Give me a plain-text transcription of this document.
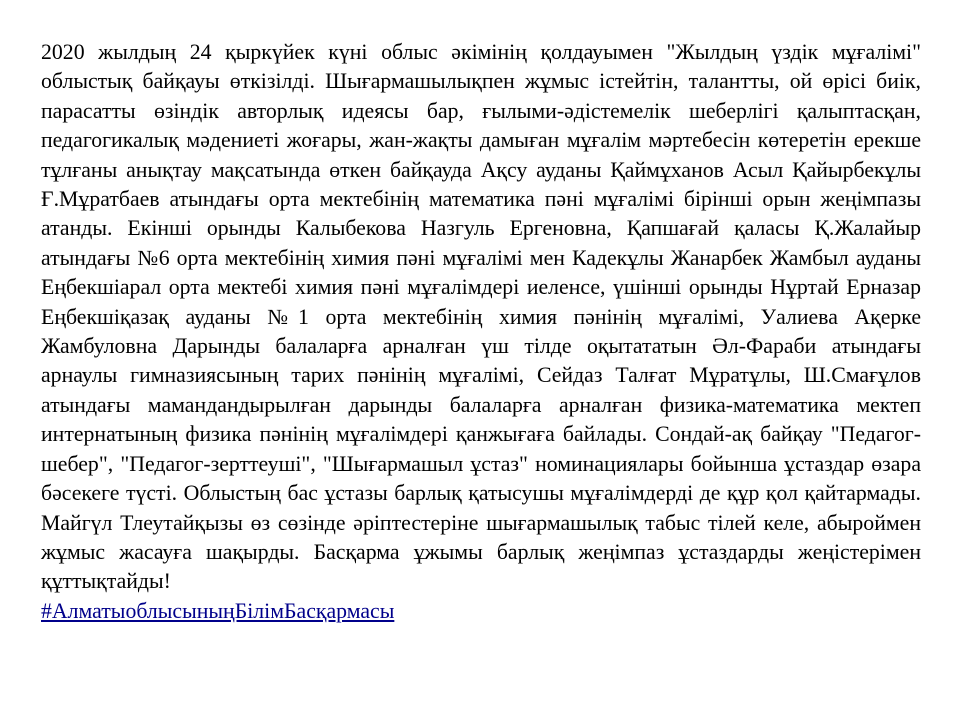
2020 жылдың 24 қыркүйек күні облыс әкімінің қолдауымен "Жылдың үздік мұғалімі" облыстық байқауы өткізілді. Шығармашылықпен жұмыс істейтін, талантты, ой өрісі биік, парасатты өзіндік авторлық идеясы бар, ғылыми-әдістемелік шеберлігі қалыптасқан, педагогикалық мәдениеті жоғары, жан-жақты дамыған мұғалім мәртебесін көтеретін ерекше тұлғаны анықтау мақсатында өткен байқауда Ақсу ауданы Қаймұханов Асыл Қайырбекұлы Ғ.Мұратбаев атындағы орта мектебінің математика пәні мұғалімі бірінші орын жеңімпазы атанды. Екінші орынды Калыбекова Назгуль Ергеновна, Қапшағай қаласы Қ.Жалайыр атындағы №6 орта мектебінің химия пәні мұғалімі мен Кадекұлы Жанарбек Жамбыл ауданы Еңбекшіарал орта мектебі химия пәні мұғалімдері иеленсе, үшінші орынды Нұртай Ерназар Еңбекшіқазақ ауданы №1 орта мектебінің химия пәнінің мұғалімі, Уалиева Ақерке Жамбуловна Дарынды балаларға арналған үш тілде оқытататын Әл-Фараби атындағы арнаулы гимназиясының тарих пәнінің мұғалімі, Сейдаз Талғат Мұратұлы, Ш.Смағұлов атындағы мамандандырылған дарынды балаларға арналған физика-математика мектеп интернатының физика пәнінің мұғалімдері қанжығаға байлады. Сондай-ақ байқау "Педагог-шебер", "Педагог-зерттеуші", "Шығармашыл ұстаз" номинациялары бойынша ұстаздар өзара бәсекеге түсті. Облыстың бас ұстазы барлық қатысушы мұғалімдерді де құр қол қайтармады. Майгүл Тлеутайқызы өз сөзінде әріптестеріне шығармашылық табыс тілей келе, абыроймен жұмыс жасауға шақырды. Басқарма ұжымы барлық жеңімпаз ұстаздарды жеңістерімен құттықтайды!

#АлматыоблысыныңБілімБасқармасы
